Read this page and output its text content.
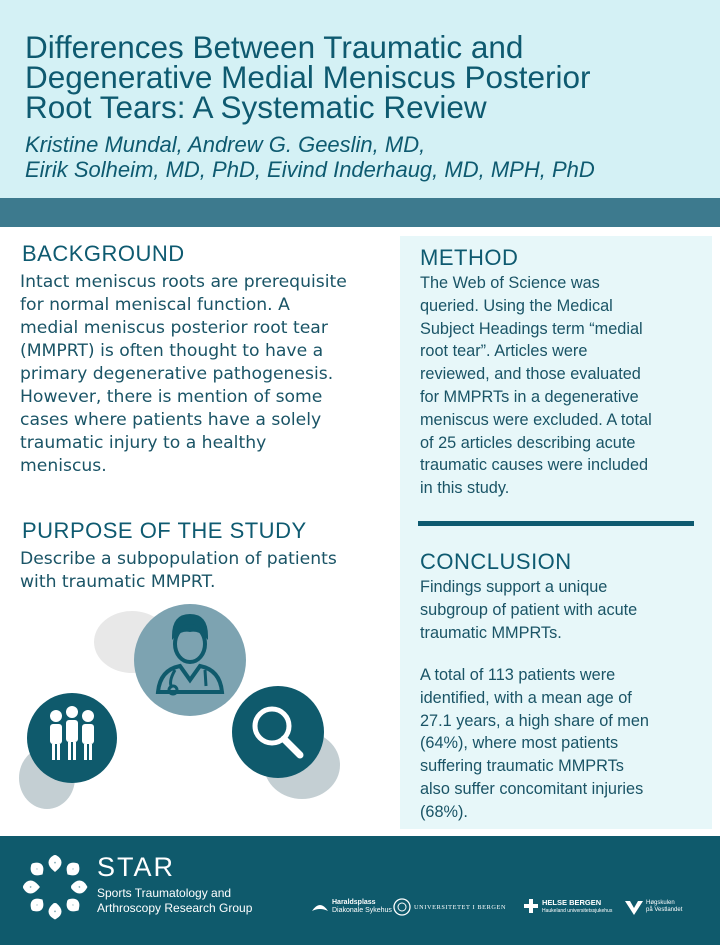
Differences Between Traumatic and
Degenerative Medial Meniscus Posterior
Root Tears: A Systematic Review
Kristine Mundal, Andrew G. Geeslin, MD,
Eirik Solheim, MD, PhD, Eivind Inderhaug, MD, MPH, PhD
BACKGROUND
Intact meniscus roots are prerequisite
for normal meniscal function. A
medial meniscus posterior root tear
(MMPRT) is often thought to have a
primary degenerative pathogenesis.
However, there is mention of some
cases where patients have a solely
traumatic injury to a healthy
meniscus.
PURPOSE OF THE STUDY
Describe a subpopulation of patients
with traumatic MMPRT.
METHOD
The Web of Science was
queried. Using the Medical
Subject Headings term “medial
root tear”. Articles were
reviewed, and those evaluated
for MMPRTs in a degenerative
meniscus were excluded. A total
of 25 articles describing acute
traumatic causes were included
in this study.
CONCLUSION
Findings support a unique
subgroup of patient with acute
traumatic MMPRTs.
A total of 113 patients were
identified, with a mean age of
27.1 years, a high share of men
(64%), where most patients
suffering traumatic MMPRTs
also suffer concomitant injuries
(68%).
STAR
Sports Traumatology and
Arthroscopy Research Group	Haraldsplass
Diakonale Sykehus	UNIVERSITETET I BERGEN
HELSE BERGEN
Haukeland universitetssjukehus
Høgskulen
på Vestlandet
